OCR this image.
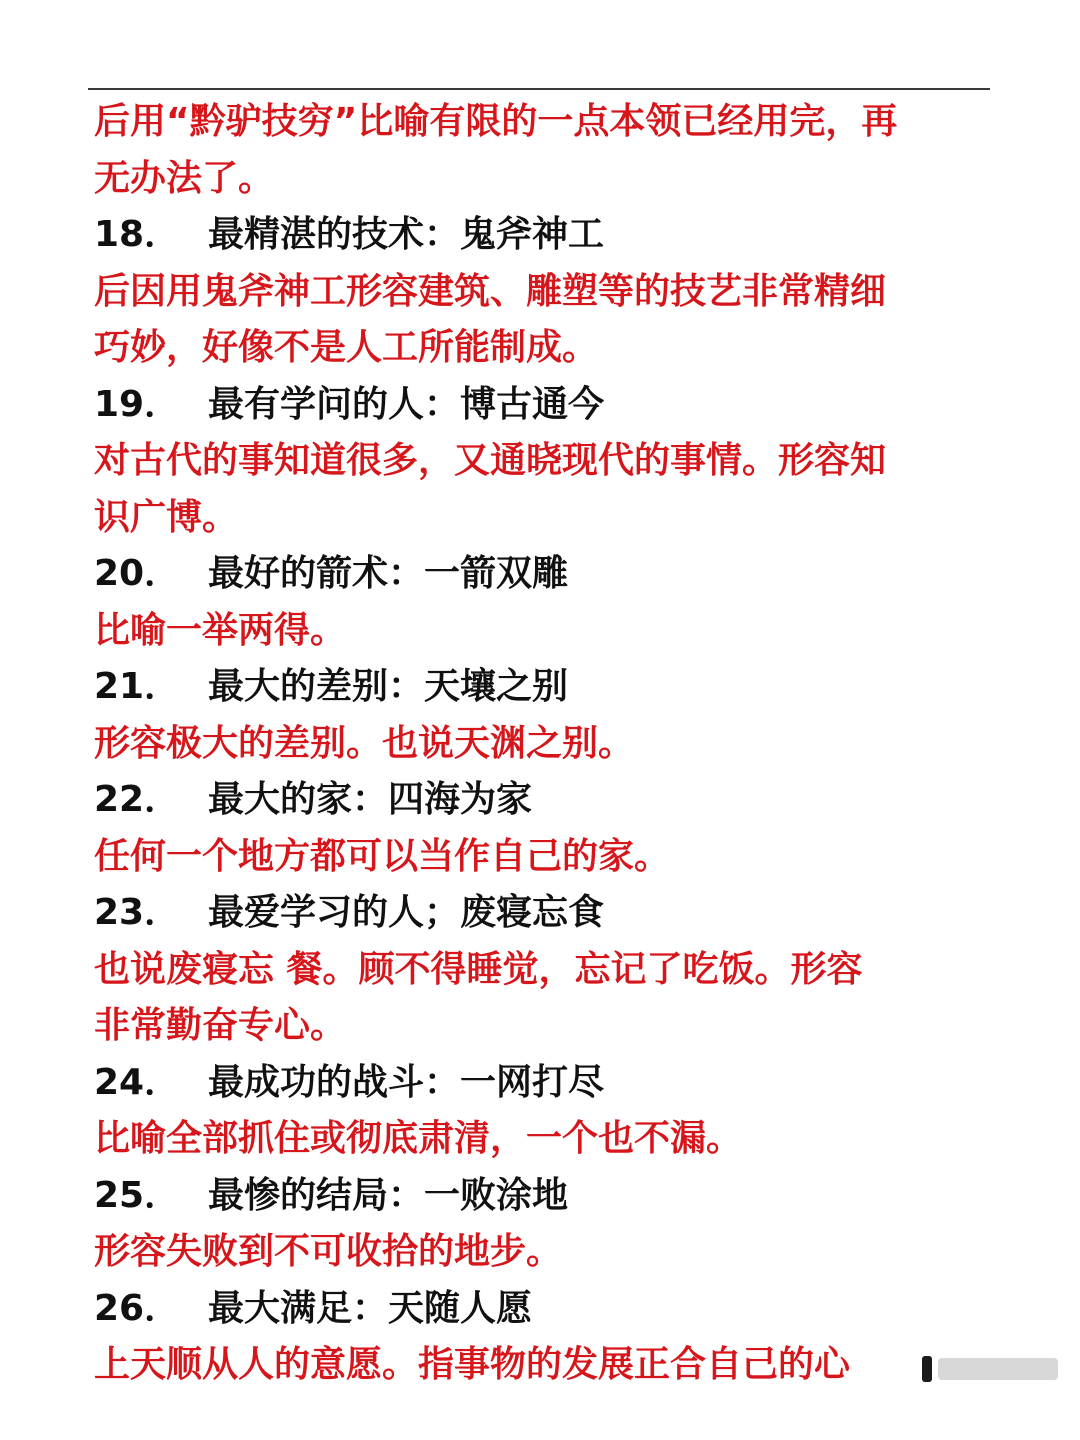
后用“黔驴技穷”比喻有限的一点本领已经用完，再
无办法了。
18． 最精湛的技术：鬼斧神工
后因用鬼斧神工形容建筑、雕塑等的技艺非常精细
巧妙，好像不是人工所能制成。
19． 最有学问的人：博古通今
对古代的事知道很多，又通晓现代的事情。形容知
识广博。
20． 最好的箭术：一箭双雕
比喻一举两得。
21． 最大的差别：天壤之别
形容极大的差别。也说天渊之别。
22． 最大的家：四海为家
任何一个地方都可以当作自己的家。
23． 最爱学习的人；废寝忘食
也说废寝忘 餐。顾不得睡觉，忘记了吃饭。形容
非常勤奋专心。
24． 最成功的战斗：一网打尽
比喻全部抓住或彻底肃清，一个也不漏。
25． 最惨的结局：一败涂地
形容失败到不可收拾的地步。
26． 最大满足：天随人愿
上天顺从人的意愿。指事物的发展正合自己的心
